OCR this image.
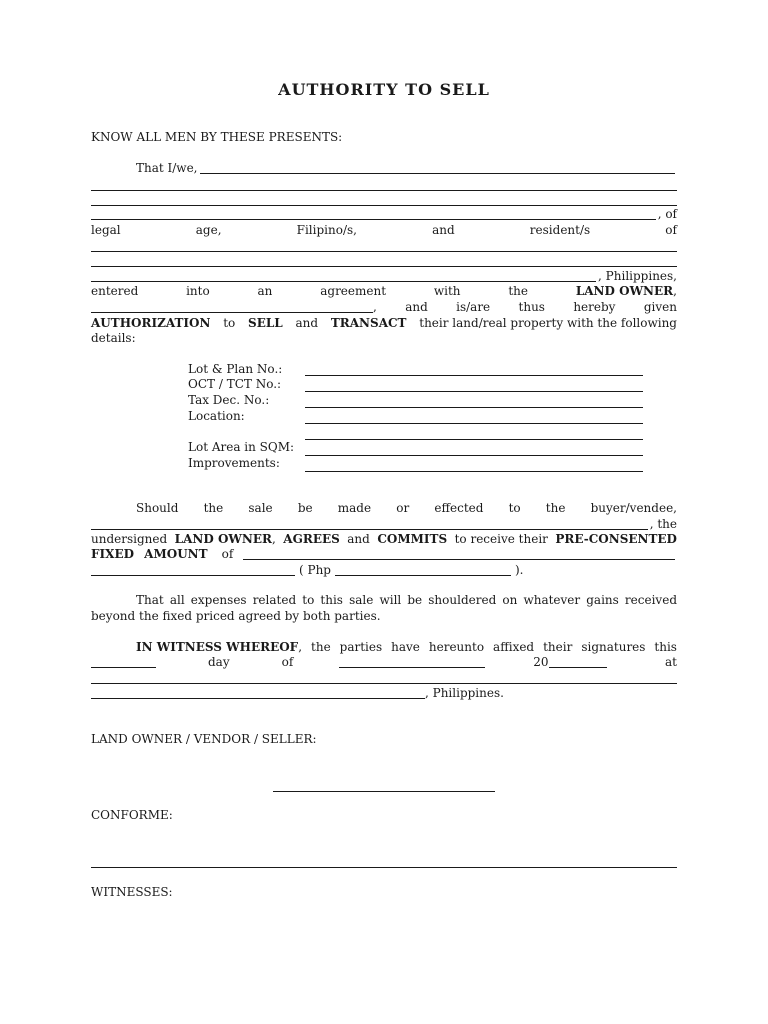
AUTHORITY TO SELL
KNOW ALL MEN BY THESE PRESENTS:
That I/we,
, of
legal	age,	Filipino/s,	and	resident/s	of
, Philippines,
entered	into	an	agreement	with	the	LAND OWNER,
, and is/are thus hereby given
AUTHORIZATION to SELL and TRANSACT their land/real property with the following
details:
Lot & Plan No.:
OCT / TCT No.:
Tax Dec. No.:
Location:
Lot Area in SQM:
Improvements:
Should the sale be made or effected to the buyer/vendee,
, the
undersigned LAND OWNER, AGREES and COMMITS to receive their PRE-CONSENTED
FIXED AMOUNT of
( Php	).
That all expenses related to this sale will be shouldered on whatever gains received
beyond the fixed priced agreed by both parties.
IN WITNESS WHEREOF , the parties have hereunto affixed their signatures this
day	of	20	at
, Philippines.
LAND OWNER / VENDOR / SELLER:
CONFORME:
WITNESSES:
